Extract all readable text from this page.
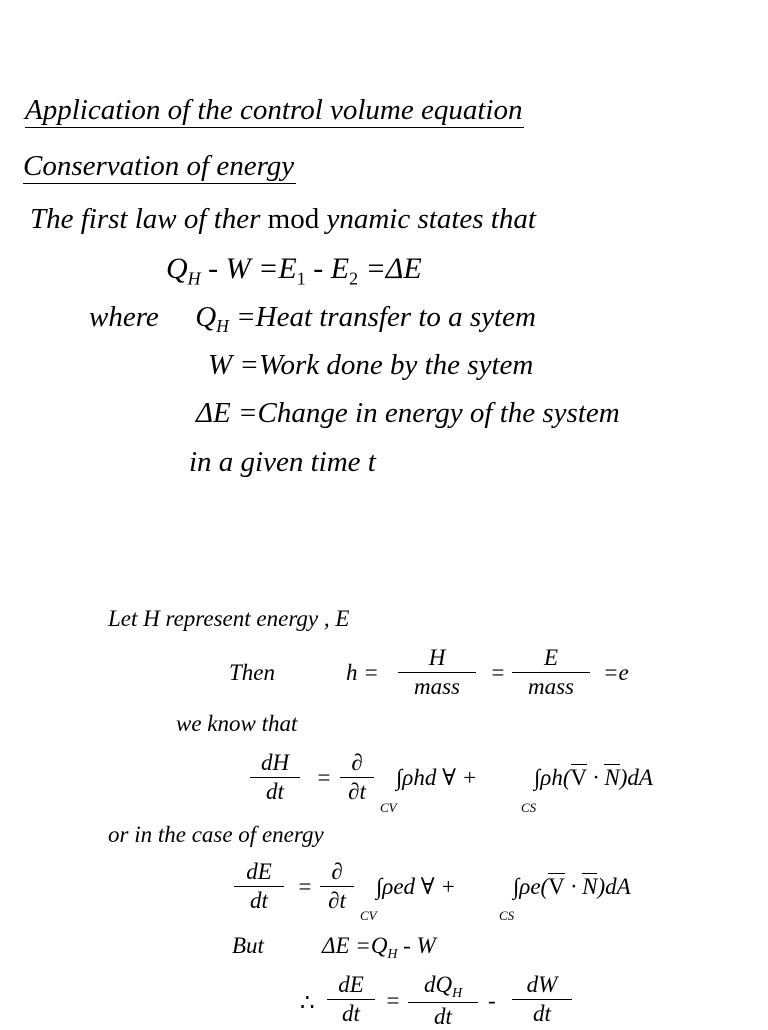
Application of the control volume equation
Conservation of energy
The first law of ther mod ynamic states that
$Q_H - W =E_1 - E_2 =\Delta E$
where $Q_H$ =Heat transfer to a sytem
W =Work done by the sytem
ΔE =Change in energy of the system
in a given time t
Let H represent energy , E
Then	h =
H
mass
=
E
mass
=e
we know that
dH
dt
=
∂
∂t
∫ρhd ∀ +
CV
∫ρh(V · N)dA
CS
or in the case of energy
dE
dt
=
∂
∂t
∫ρed ∀ +
CV
∫ρe(V · N)dA
CS
But	$\Delta E =Q_H - W$
∴
dE
dt
=
$dQ_H$
dt
-
dW
dt
